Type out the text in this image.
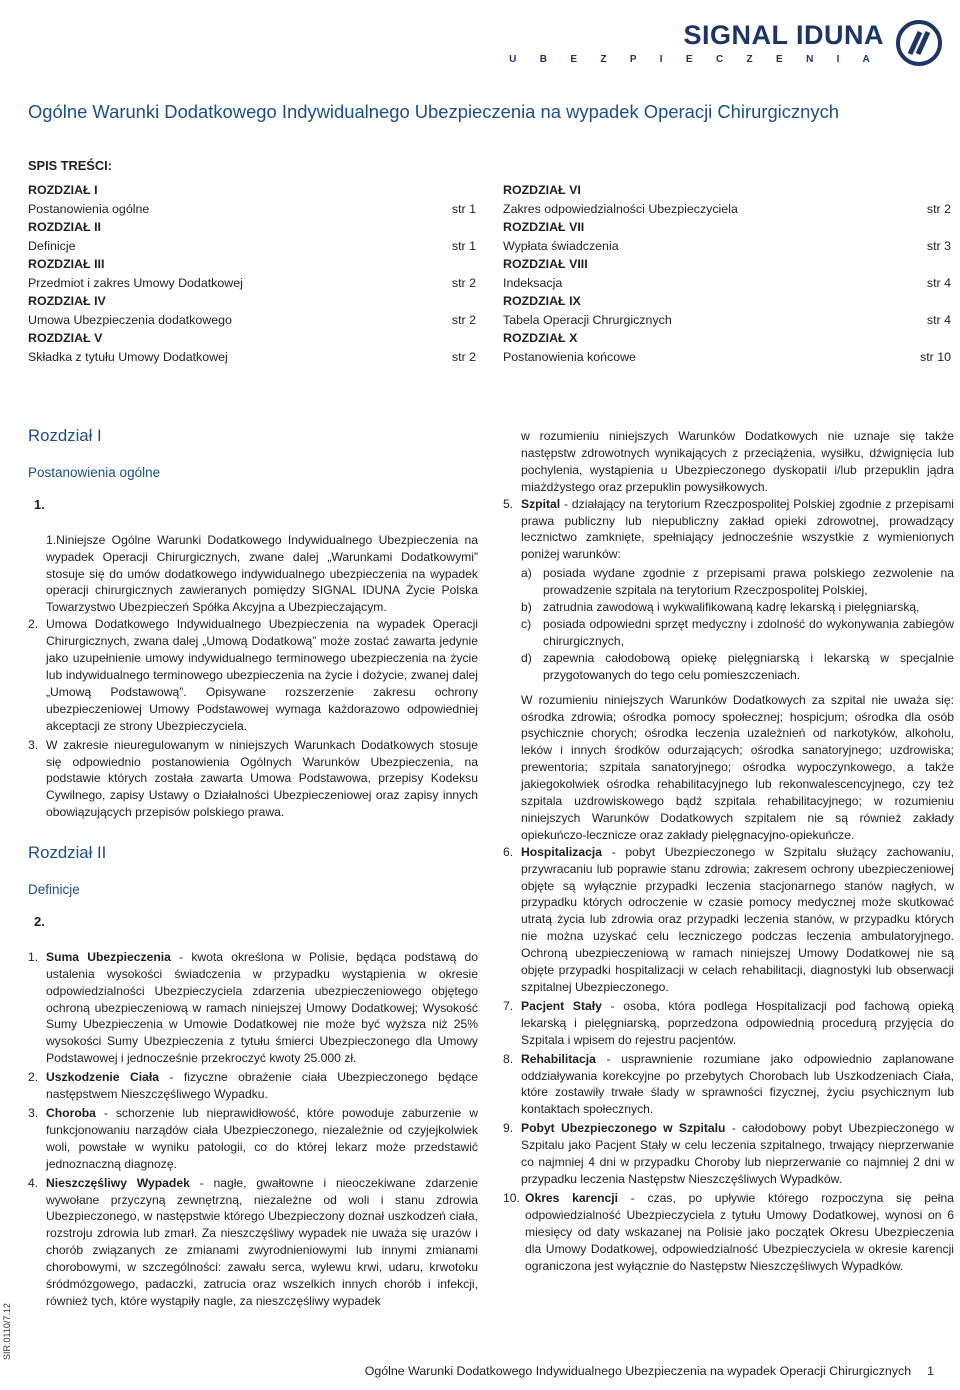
SIGNAL IDUNA
U B E Z P I E C Z E N I A
Ogólne Warunki Dodatkowego Indywidualnego Ubezpieczenia na wypadek Operacji Chirurgicznych
SPIS TREŚCI:
ROZDZIAŁ I
Postanowienia ogólne	str 1
ROZDZIAŁ II
Definicje	str 1
ROZDZIAŁ III
Przedmiot i zakres Umowy Dodatkowej	str 2
ROZDZIAŁ IV
Umowa Ubezpieczenia dodatkowego	str 2
ROZDZIAŁ V
Składka z tytułu Umowy Dodatkowej	str 2
ROZDZIAŁ VI
Zakres odpowiedzialności Ubezpieczyciela	str 2
ROZDZIAŁ VII
Wypłata świadczenia	str 3
ROZDZIAŁ VIII
Indeksacja	str 4
ROZDZIAŁ IX
Tabela Operacji Chrurgicznych	str 4
ROZDZIAŁ X
Postanowienia końcowe	str 10
Rozdział I
Postanowienia ogólne
1.

1.Niniejsze Ogólne Warunki Dodatkowego Indywidualnego Ubezpieczenia na wypadek Operacji Chirurgicznych, zwane dalej „Warunkami Dodatkowymi” stosuje się do umów dodatkowego indywidualnego ubezpieczenia na wypadek operacji chirurgicznych zawieranych pomiędzy SIGNAL IDUNA Życie Polska Towarzystwo Ubezpieczeń Spółka Akcyjna a Ubezpieczającym.

2. Umowa Dodatkowego Indywidualnego Ubezpieczenia na wypadek Operacji Chirurgicznych, zwana dalej „Umową Dodatkową” może zostać zawarta jedynie jako uzupełnienie umowy indywidualnego terminowego ubezpieczenia na życie lub indywidualnego terminowego ubezpieczenia na życie i dożycie, zwanej dalej „Umową Podstawową”. Opisywane rozszerzenie zakresu ochrony ubezpieczeniowej Umowy Podstawowej wymaga każdorazowo odpowiedniej akceptacji ze strony Ubezpieczyciela.
3. W zakresie nieuregulowanym w niniejszych Warunkach Dodatkowych stosuje się odpowiednio postanowienia Ogólnych Warunków Ubezpieczenia, na podstawie których została zawarta Umowa Podstawowa, przepisy Kodeksu Cywilnego, zapisy Ustawy o Działalności Ubezpieczeniowej oraz zapisy innych obowiązujących przepisów polskiego prawa.
Rozdział II
Definicje
2.
1. Suma Ubezpieczenia - kwota określona w Polisie, będąca podstawą do ustalenia wysokości świadczenia w przypadku wystąpienia w okresie odpowiedzialności Ubezpieczyciela zdarzenia ubezpieczeniowego objętego ochroną ubezpieczeniową w ramach niniejszej Umowy Dodatkowej; Wysokość Sumy Ubezpieczenia w Umowie Dodatkowej nie może być wyższa niż 25% wysokości Sumy Ubezpieczenia z tytułu śmierci Ubezpieczonego dla Umowy Podstawowej i jednocześnie przekroczyć kwoty 25.000 zł.
2. Uszkodzenie Ciała - fizyczne obrażenie ciała Ubezpieczonego będące następstwem Nieszczęśliwego Wypadku.
3. Choroba - schorzenie lub nieprawidłowość, które powoduje zaburzenie w funkcjonowaniu narządów ciała Ubezpieczonego, niezależnie od czyjejkolwiek woli, powstałe w wyniku patologii, co do której lekarz może przedstawić jednoznaczną diagnozę.
4. Nieszczęśliwy Wypadek - nagłe, gwałtowne i nieoczekiwane zdarzenie wywołane przyczyną zewnętrzną, niezależne od woli i stanu zdrowia Ubezpieczonego, w następstwie którego Ubezpieczony doznał uszkodzeń ciała, rozstroju zdrowia lub zmarł. Za nieszczęśliwy wypadek nie uważa się urazów i chorób związanych ze zmianami zwyrodnieniowymi lub innymi zmianami chorobowymi, w szczególności: zawału serca, wylewu krwi, udaru, krwotoku śródmózgowego, padaczki, zatrucia oraz wszelkich innych chorób i infekcji, również tych, które wystąpiły nagle, za nieszczęśliwy wypadek

w rozumieniu niniejszych Warunków Dodatkowych nie uznaje się także następstw zdrowotnych wynikających z przeciążenia, wysiłku, dźwignięcia lub pochylenia, wystąpienia u Ubezpieczonego dyskopatii i/lub przepuklin jądra miażdżystego oraz przepuklin powysiłkowych.

5. Szpital - działający na terytorium Rzeczpospolitej Polskiej zgodnie z przepisami prawa publiczny lub niepubliczny zakład opieki zdrowotnej, prowadzący lecznictwo zamknięte, spełniający jednocześnie wszystkie z wymienionych poniżej warunków:
a) posiada wydane zgodnie z przepisami prawa polskiego zezwolenie na prowadzenie szpitala na terytorium Rzeczpospolitej Polskiej,
b) zatrudnia zawodową i wykwalifikowaną kadrę lekarską i pielęgniarską,
c) posiada odpowiedni sprzęt medyczny i zdolność do wykonywania zabiegów chirurgicznych,
d) zapewnia całodobową opiekę pielęgniarską i lekarską w specjalnie przygotowanych do tego celu pomieszczeniach.

W rozumieniu niniejszych Warunków Dodatkowych za szpital nie uważa się: ośrodka zdrowia; ośrodka pomocy społecznej; hospicjum; ośrodka dla osób psychicznie chorych; ośrodka leczenia uzależnień od narkotyków, alkoholu, leków i innych środków odurzających; ośrodka sanatoryjnego; uzdrowiska; prewentoria; szpitala sanatoryjnego; ośrodka wypoczynkowego, a także jakiegokolwiek ośrodka rehabilitacyjnego lub rekonwalescencyjnego, czy też szpitala uzdrowiskowego bądź szpitala rehabilitacyjnego; w rozumieniu niniejszych Warunków Dodatkowych szpitalem nie są również zakłady opiekuńczo-lecznicze oraz zakłady pielęgnacyjno-opiekuńcze.

6. Hospitalizacja - pobyt Ubezpieczonego w Szpitalu służący zachowaniu, przywracaniu lub poprawie stanu zdrowia; zakresem ochrony ubezpieczeniowej objęte są wyłącznie przypadki leczenia stacjonarnego stanów nagłych, w przypadku których odroczenie w czasie pomocy medycznej może skutkować utratą życia lub zdrowia oraz przypadki leczenia stanów, w przypadku których nie można uzyskać celu leczniczego podczas leczenia ambulatoryjnego. Ochroną ubezpieczeniową w ramach niniejszej Umowy Dodatkowej nie są objęte przypadki hospitalizacji w celach rehabilitacji, diagnostyki lub obserwacji szpitalnej Ubezpieczonego.
7. Pacjent Stały - osoba, która podlega Hospitalizacji pod fachową opieką lekarską i pielęgniarską, poprzedzona odpowiednią procedurą przyjęcia do Szpitala i wpisem do rejestru pacjentów.
8. Rehabilitacja - usprawnienie rozumiane jako odpowiednio zaplanowane oddziaływania korekcyjne po przebytych Chorobach lub Uszkodzeniach Ciała, które zostawiły trwałe ślady w sprawności fizycznej, życiu psychicznym lub kontaktach społecznych.
9. Pobyt Ubezpieczonego w Szpitalu - całodobowy pobyt Ubezpieczonego w Szpitalu jako Pacjent Stały w celu leczenia szpitalnego, trwający nieprzerwanie co najmniej 4 dni w przypadku Choroby lub nieprzerwanie co najmniej 2 dni w przypadku leczenia Następstw Nieszczęśliwych Wypadków.
10. Okres karencji - czas, po upływie którego rozpoczyna się pełna odpowiedzialność Ubezpieczyciela z tytułu Umowy Dodatkowej, wynosi on 6 miesięcy od daty wskazanej na Polisie jako początek Okresu Ubezpieczenia dla Umowy Dodatkowej, odpowiedzialność Ubezpieczyciela w okresie karencji ograniczona jest wyłącznie do Następstw Nieszczęśliwych Wypadków.
SIR.0110/7.12
Ogólne Warunki Dodatkowego Indywidualnego Ubezpieczenia na wypadek Operacji Chirurgicznych 1
